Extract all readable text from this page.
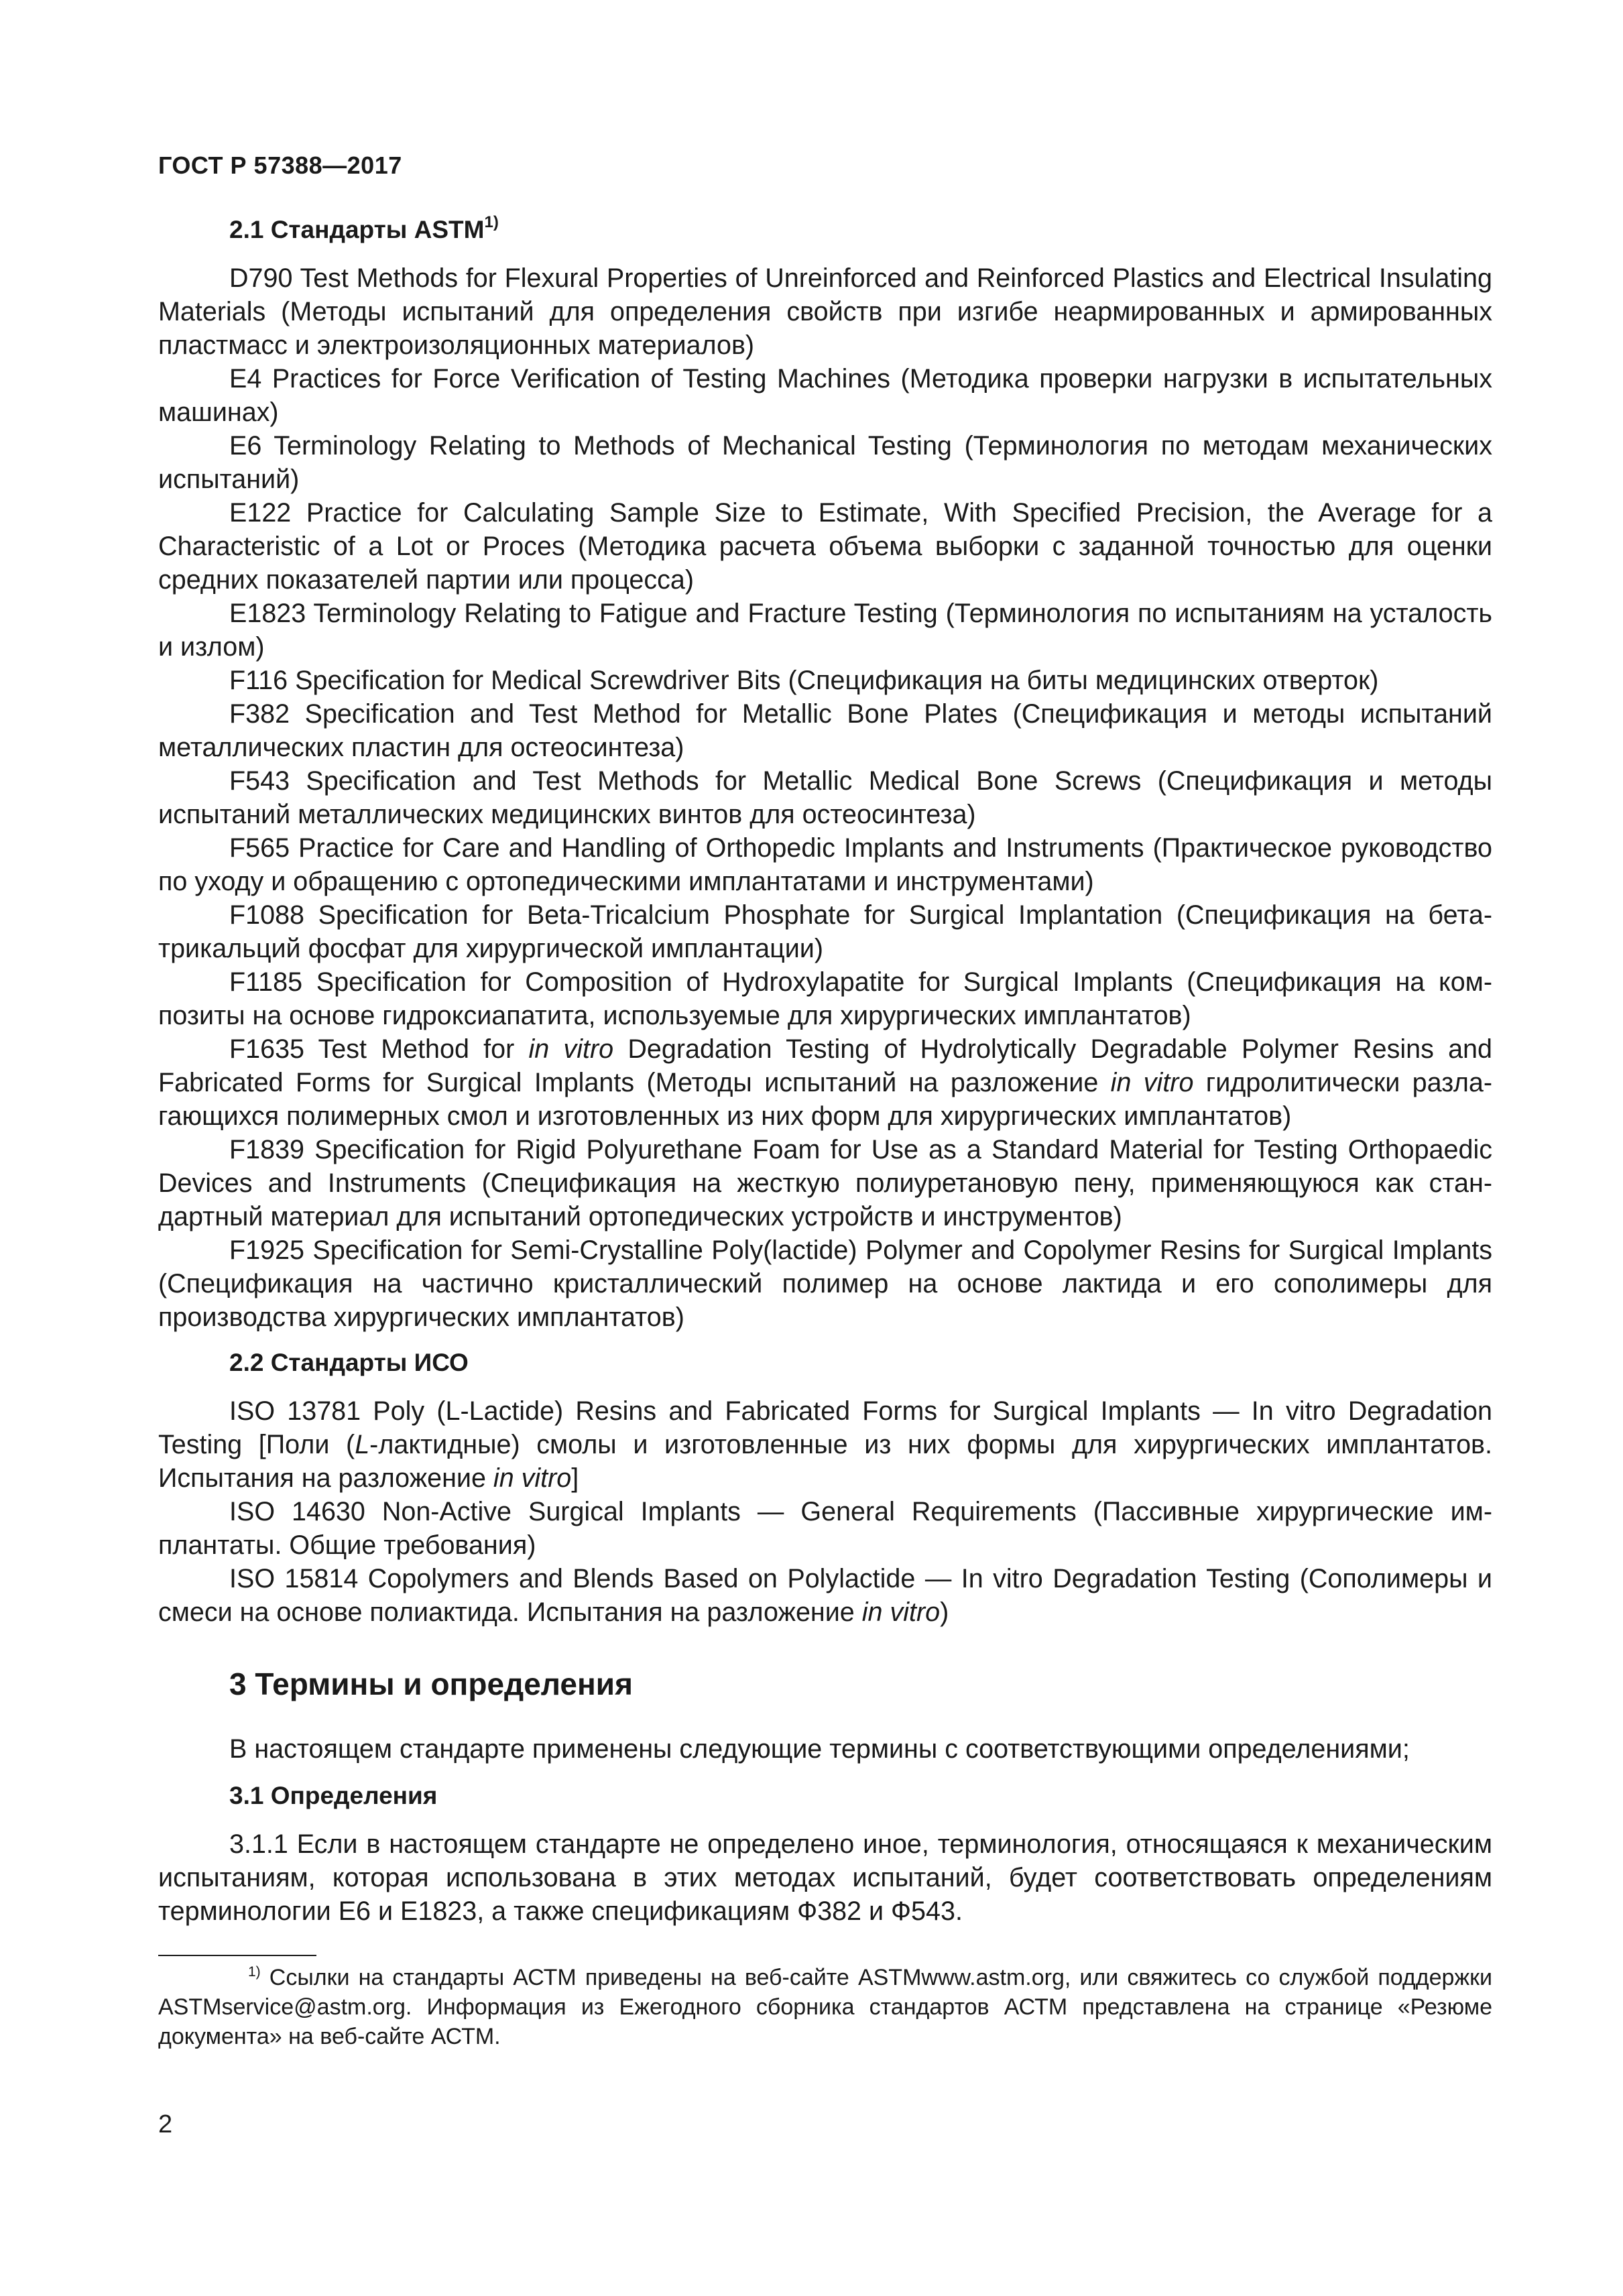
ГОСТ Р 57388—2017
2.1 Стандарты ASTM$^{1)}$

D790 Test Methods for Flexural Properties of Unreinforced and Reinforced Plastics and Electrical Insulating Materials (Методы испытаний для определения свойств при изгибе неармированных и армированных пластмасс и электроизоляционных материалов)

E4 Practices for Force Verification of Testing Machines (Методика проверки нагрузки в испытательных машинах)

E6 Terminology Relating to Methods of Mechanical Testing (Терминология по методам механических испытаний)

E122 Practice for Calculating Sample Size to Estimate, With Specified Precision, the Average for a Characteristic of a Lot or Proces (Методика расчета объема выборки с заданной точностью для оценки средних показателей партии или процесса)

E1823 Terminology Relating to Fatigue and Fracture Testing (Терминология по испытаниям на усталость и излом)

F116 Specification for Medical Screwdriver Bits (Спецификация на биты медицинских отверток)

F382 Specification and Test Method for Metallic Bone Plates (Спецификация и методы испытаний металлических пластин для остеосинтеза)

F543 Specification and Test Methods for Metallic Medical Bone Screws (Спецификация и методы испытаний металлических медицинских винтов для остеосинтеза)

F565 Practice for Care and Handling of Orthopedic Implants and Instruments (Практическое руководство по уходу и обращению с ортопедическими имплантатами и инструментами)

F1088 Specification for Beta-Tricalcium Phosphate for Surgical Implantation (Спецификация на бета-трикальций фосфат для хирургической имплантации)

F1185 Specification for Composition of Hydroxylapatite for Surgical Implants (Спецификация на композиты на основе гидроксиапатита, используемые для хирургических имплантатов)

F1635 Test Method for in vitro Degradation Testing of Hydrolytically Degradable Polymer Resins and Fabricated Forms for Surgical Implants (Методы испытаний на разложение in vitro гидролитически разлагающихся полимерных смол и изготовленных из них форм для хирургических имплантатов)

F1839 Specification for Rigid Polyurethane Foam for Use as a Standard Material for Testing Orthopaedic Devices and Instruments (Спецификация на жесткую полиуретановую пену, применяющуюся как стандартный материал для испытаний ортопедических устройств и инструментов)

F1925 Specification for Semi-Crystalline Poly(lactide) Polymer and Copolymer Resins for Surgical Implants (Спецификация на частично кристаллический полимер на основе лактида и его сополимеры для производства хирургических имплантатов)

2.2 Стандарты ИСО

ISO 13781 Poly (L-Lactide) Resins and Fabricated Forms for Surgical Implants — In vitro Degradation Testing [Поли (L-лактидные) смолы и изготовленные из них формы для хирургических имплантатов. Испытания на разложение in vitro]

ISO 14630 Non-Active Surgical Implants — General Requirements (Пассивные хирургические имплантаты. Общие требования)

ISO 15814 Copolymers and Blends Based on Polylactide — In vitro Degradation Testing (Сополимеры и смеси на основе полиактида. Испытания на разложение in vitro)

3 Термины и определения

В настоящем стандарте применены следующие термины с соответствующими определениями;

3.1 Определения

3.1.1 Если в настоящем стандарте не определено иное, терминология, относящаяся к механическим испытаниям, которая использована в этих методах испытаний, будет соответствовать определениям терминологии E6 и E1823, а также спецификациям Ф382 и Ф543.

$^{1)}$ Ссылки на стандарты АСТМ приведены на веб-сайте ASTMwww.astm.org, или свяжитесь со службой поддержки ASTMservice@astm.org. Информация из Ежегодного сборника стандартов АСТМ представлена на странице «Резюме документа» на веб-сайте АСТМ.

2
